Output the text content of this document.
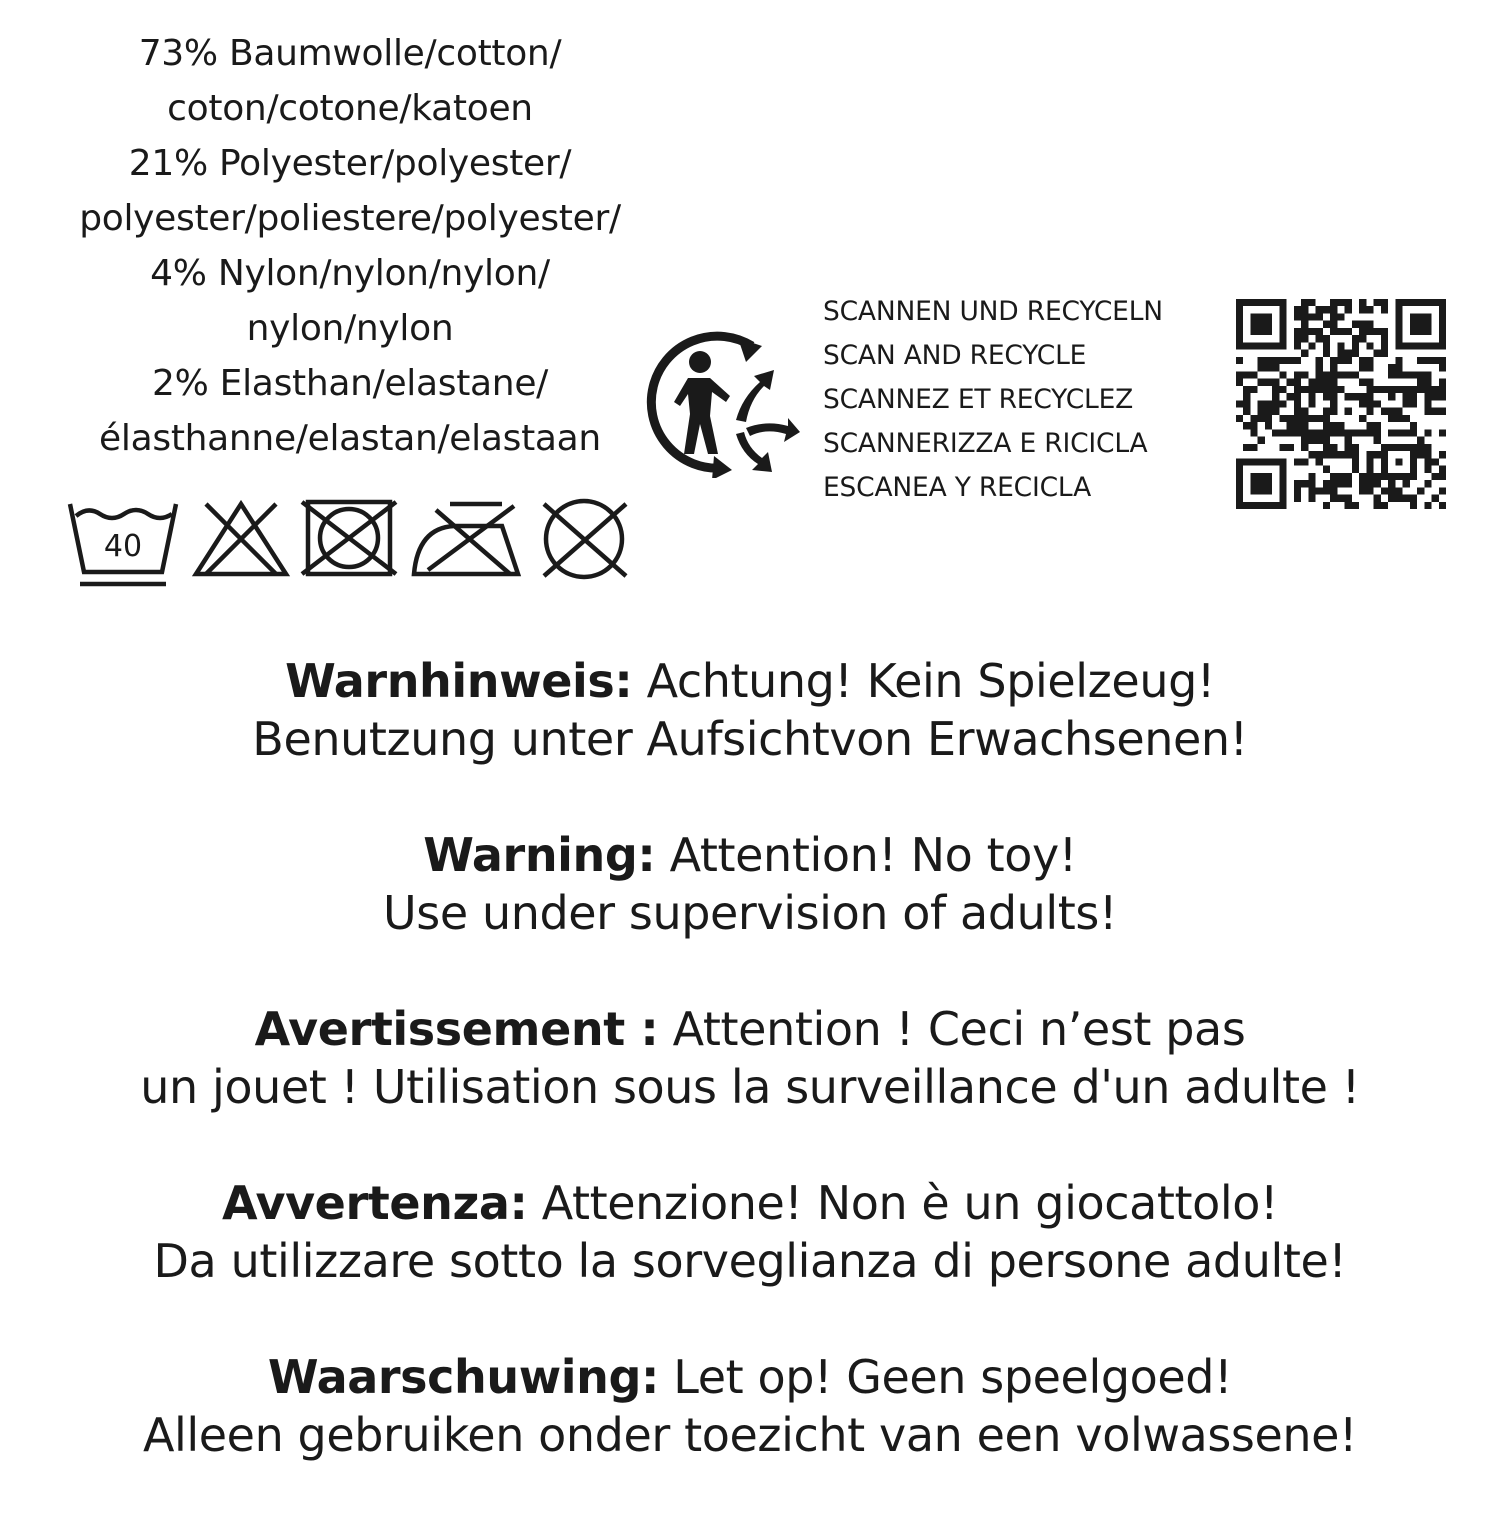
73% Baumwolle/cotton/
coton/cotone/katoen
21% Polyester/polyester/
polyester/poliestere/polyester/
4% Nylon/nylon/nylon/
nylon/nylon
2% Elasthan/elastane/
élasthanne/elastan/elastaan
40
SCANNEN UND RECYCELN
SCAN AND RECYCLE
SCANNEZ ET RECYCLEZ
SCANNERIZZA E RICICLA
ESCANEA Y RECICLA
Warnhinweis: Achtung! Kein Spielzeug!
Benutzung unter Aufsichtvon Erwachsenen!
Warning: Attention! No toy!
Use under supervision of adults!
Avertissement : Attention ! Ceci n’est pas
un jouet ! Utilisation sous la surveillance d'un adulte !
Avvertenza: Attenzione! Non è un giocattolo!
Da utilizzare sotto la sorveglianza di persone adulte!
Waarschuwing: Let op! Geen speelgoed!
Alleen gebruiken onder toezicht van een volwassene!
